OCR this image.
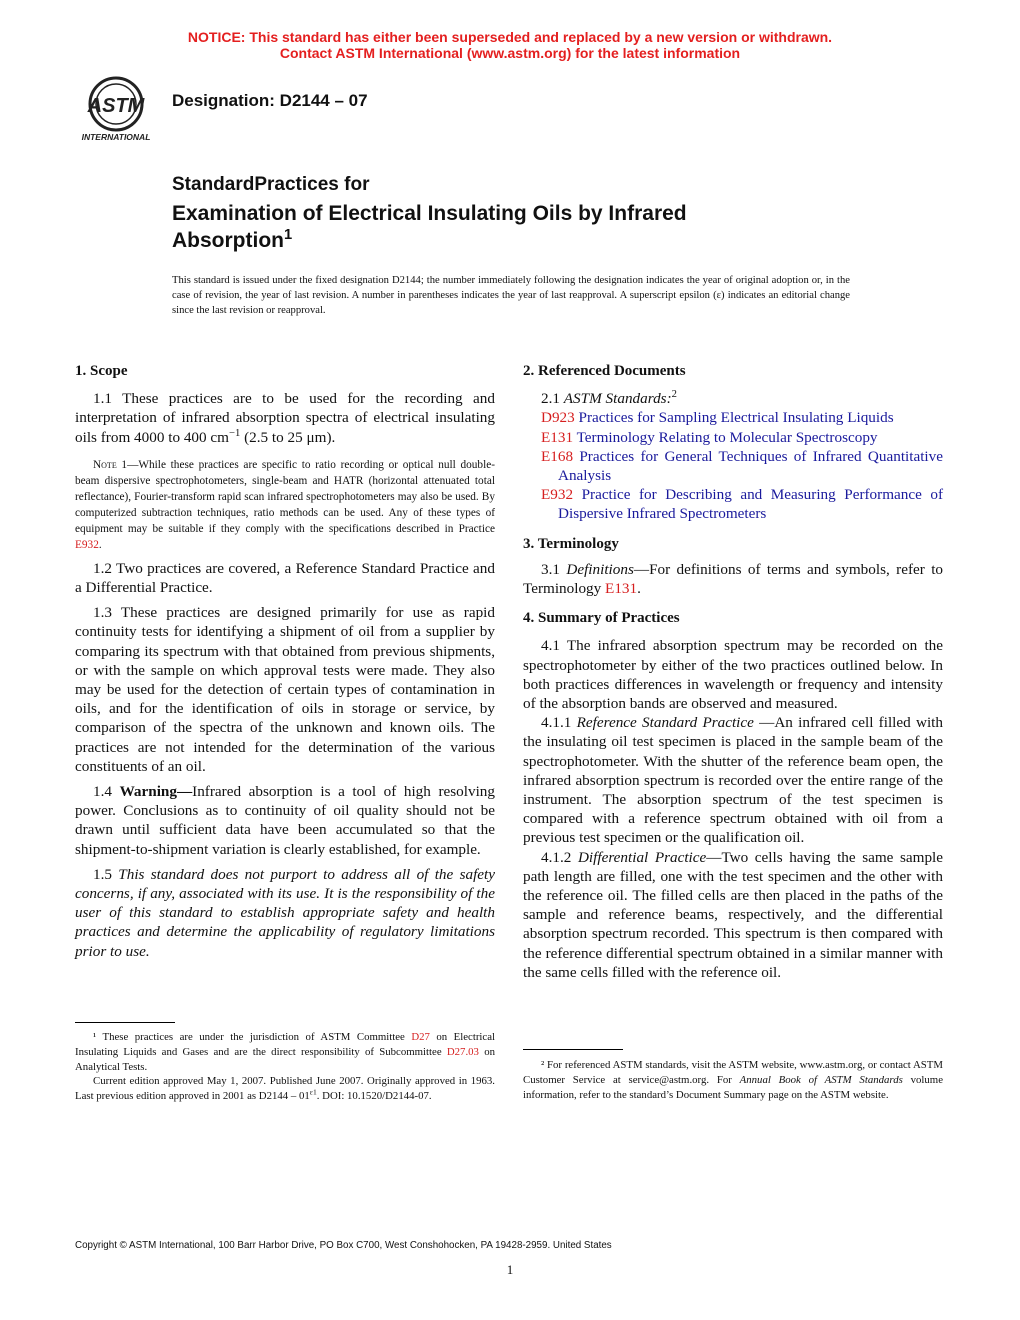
NOTICE: This standard has either been superseded and replaced by a new version or withdrawn.
Contact ASTM International (www.astm.org) for the latest information
ASTM
INTERNATIONAL
Designation: D2144 – 07
StandardPractices for
Examination of Electrical Insulating Oils by Infrared
Absorption$^1$
This standard is issued under the fixed designation D2144; the number immediately following the designation indicates the year of original adoption or, in the case of revision, the year of last revision. A number in parentheses indicates the year of last reapproval. A superscript epsilon (ε) indicates an editorial change since the last revision or reapproval.
1. Scope

1.1 These practices are to be used for the recording and interpretation of infrared absorption spectra of electrical insulating oils from 4000 to 400 $cm^{-1}$ (2.5 to 25 μm).

Note 1—While these practices are specific to ratio recording or optical null double-beam dispersive spectrophotometers, single-beam and HATR (horizontal attenuated total reflectance), Fourier-transform rapid scan infrared spectrophotometers may also be used. By computerized subtraction techniques, ratio methods can be used. Any of these types of equipment may be suitable if they comply with the specifications described in Practice E932.

1.2 Two practices are covered, a Reference Standard Practice and a Differential Practice.

1.3 These practices are designed primarily for use as rapid continuity tests for identifying a shipment of oil from a supplier by comparing its spectrum with that obtained from previous shipments, or with the sample on which approval tests were made. They also may be used for the detection of certain types of contamination in oils, and for the identification of oils in storage or service, by comparison of the spectra of the unknown and known oils. The practices are not intended for the determination of the various constituents of an oil.

1.4 Warning—Infrared absorption is a tool of high resolving power. Conclusions as to continuity of oil quality should not be drawn until sufficient data have been accumulated so that the shipment-to-shipment variation is clearly established, for example.

1.5 This standard does not purport to address all of the safety concerns, if any, associated with its use. It is the responsibility of the user of this standard to establish appropriate safety and health practices and determine the applicability of regulatory limitations prior to use.

¹ These practices are under the jurisdiction of ASTM Committee D27 on Electrical Insulating Liquids and Gases and are the direct responsibility of Subcommittee D27.03 on Analytical Tests.

Current edition approved May 1, 2007. Published June 2007. Originally approved in 1963. Last previous edition approved in 2001 as $D2144 - 01^{\varepsilon 1}$. DOI: 10.1520/D2144-07.

2. Referenced Documents

2.1 ASTM Standards:$^2$

D923 Practices for Sampling Electrical Insulating Liquids

E131 Terminology Relating to Molecular Spectroscopy

E168 Practices for General Techniques of Infrared Quantitative Analysis

E932 Practice for Describing and Measuring Performance of Dispersive Infrared Spectrometers

3. Terminology

3.1 Definitions—For definitions of terms and symbols, refer to Terminology E131.

4. Summary of Practices

4.1 The infrared absorption spectrum may be recorded on the spectrophotometer by either of the two practices outlined below. In both practices differences in wavelength or frequency and intensity of the absorption bands are observed and measured.

4.1.1 Reference Standard Practice —An infrared cell filled with the insulating oil test specimen is placed in the sample beam of the spectrophotometer. With the shutter of the reference beam open, the infrared absorption spectrum is recorded over the entire range of the instrument. The absorption spectrum of the test specimen is compared with a reference spectrum obtained with oil from a previous test specimen or the qualification oil.

4.1.2 Differential Practice—Two cells having the same sample path length are filled, one with the test specimen and the other with the reference oil. The filled cells are then placed in the paths of the sample and reference beams, respectively, and the differential absorption spectrum recorded. This spectrum is then compared with the reference differential spectrum obtained in a similar manner with the same cells filled with the reference oil.

² For referenced ASTM standards, visit the ASTM website, www.astm.org, or contact ASTM Customer Service at service@astm.org. For Annual Book of ASTM Standards volume information, refer to the standard’s Document Summary page on the ASTM website.

Copyright © ASTM International, 100 Barr Harbor Drive, PO Box C700, West Conshohocken, PA 19428-2959. United States
1
